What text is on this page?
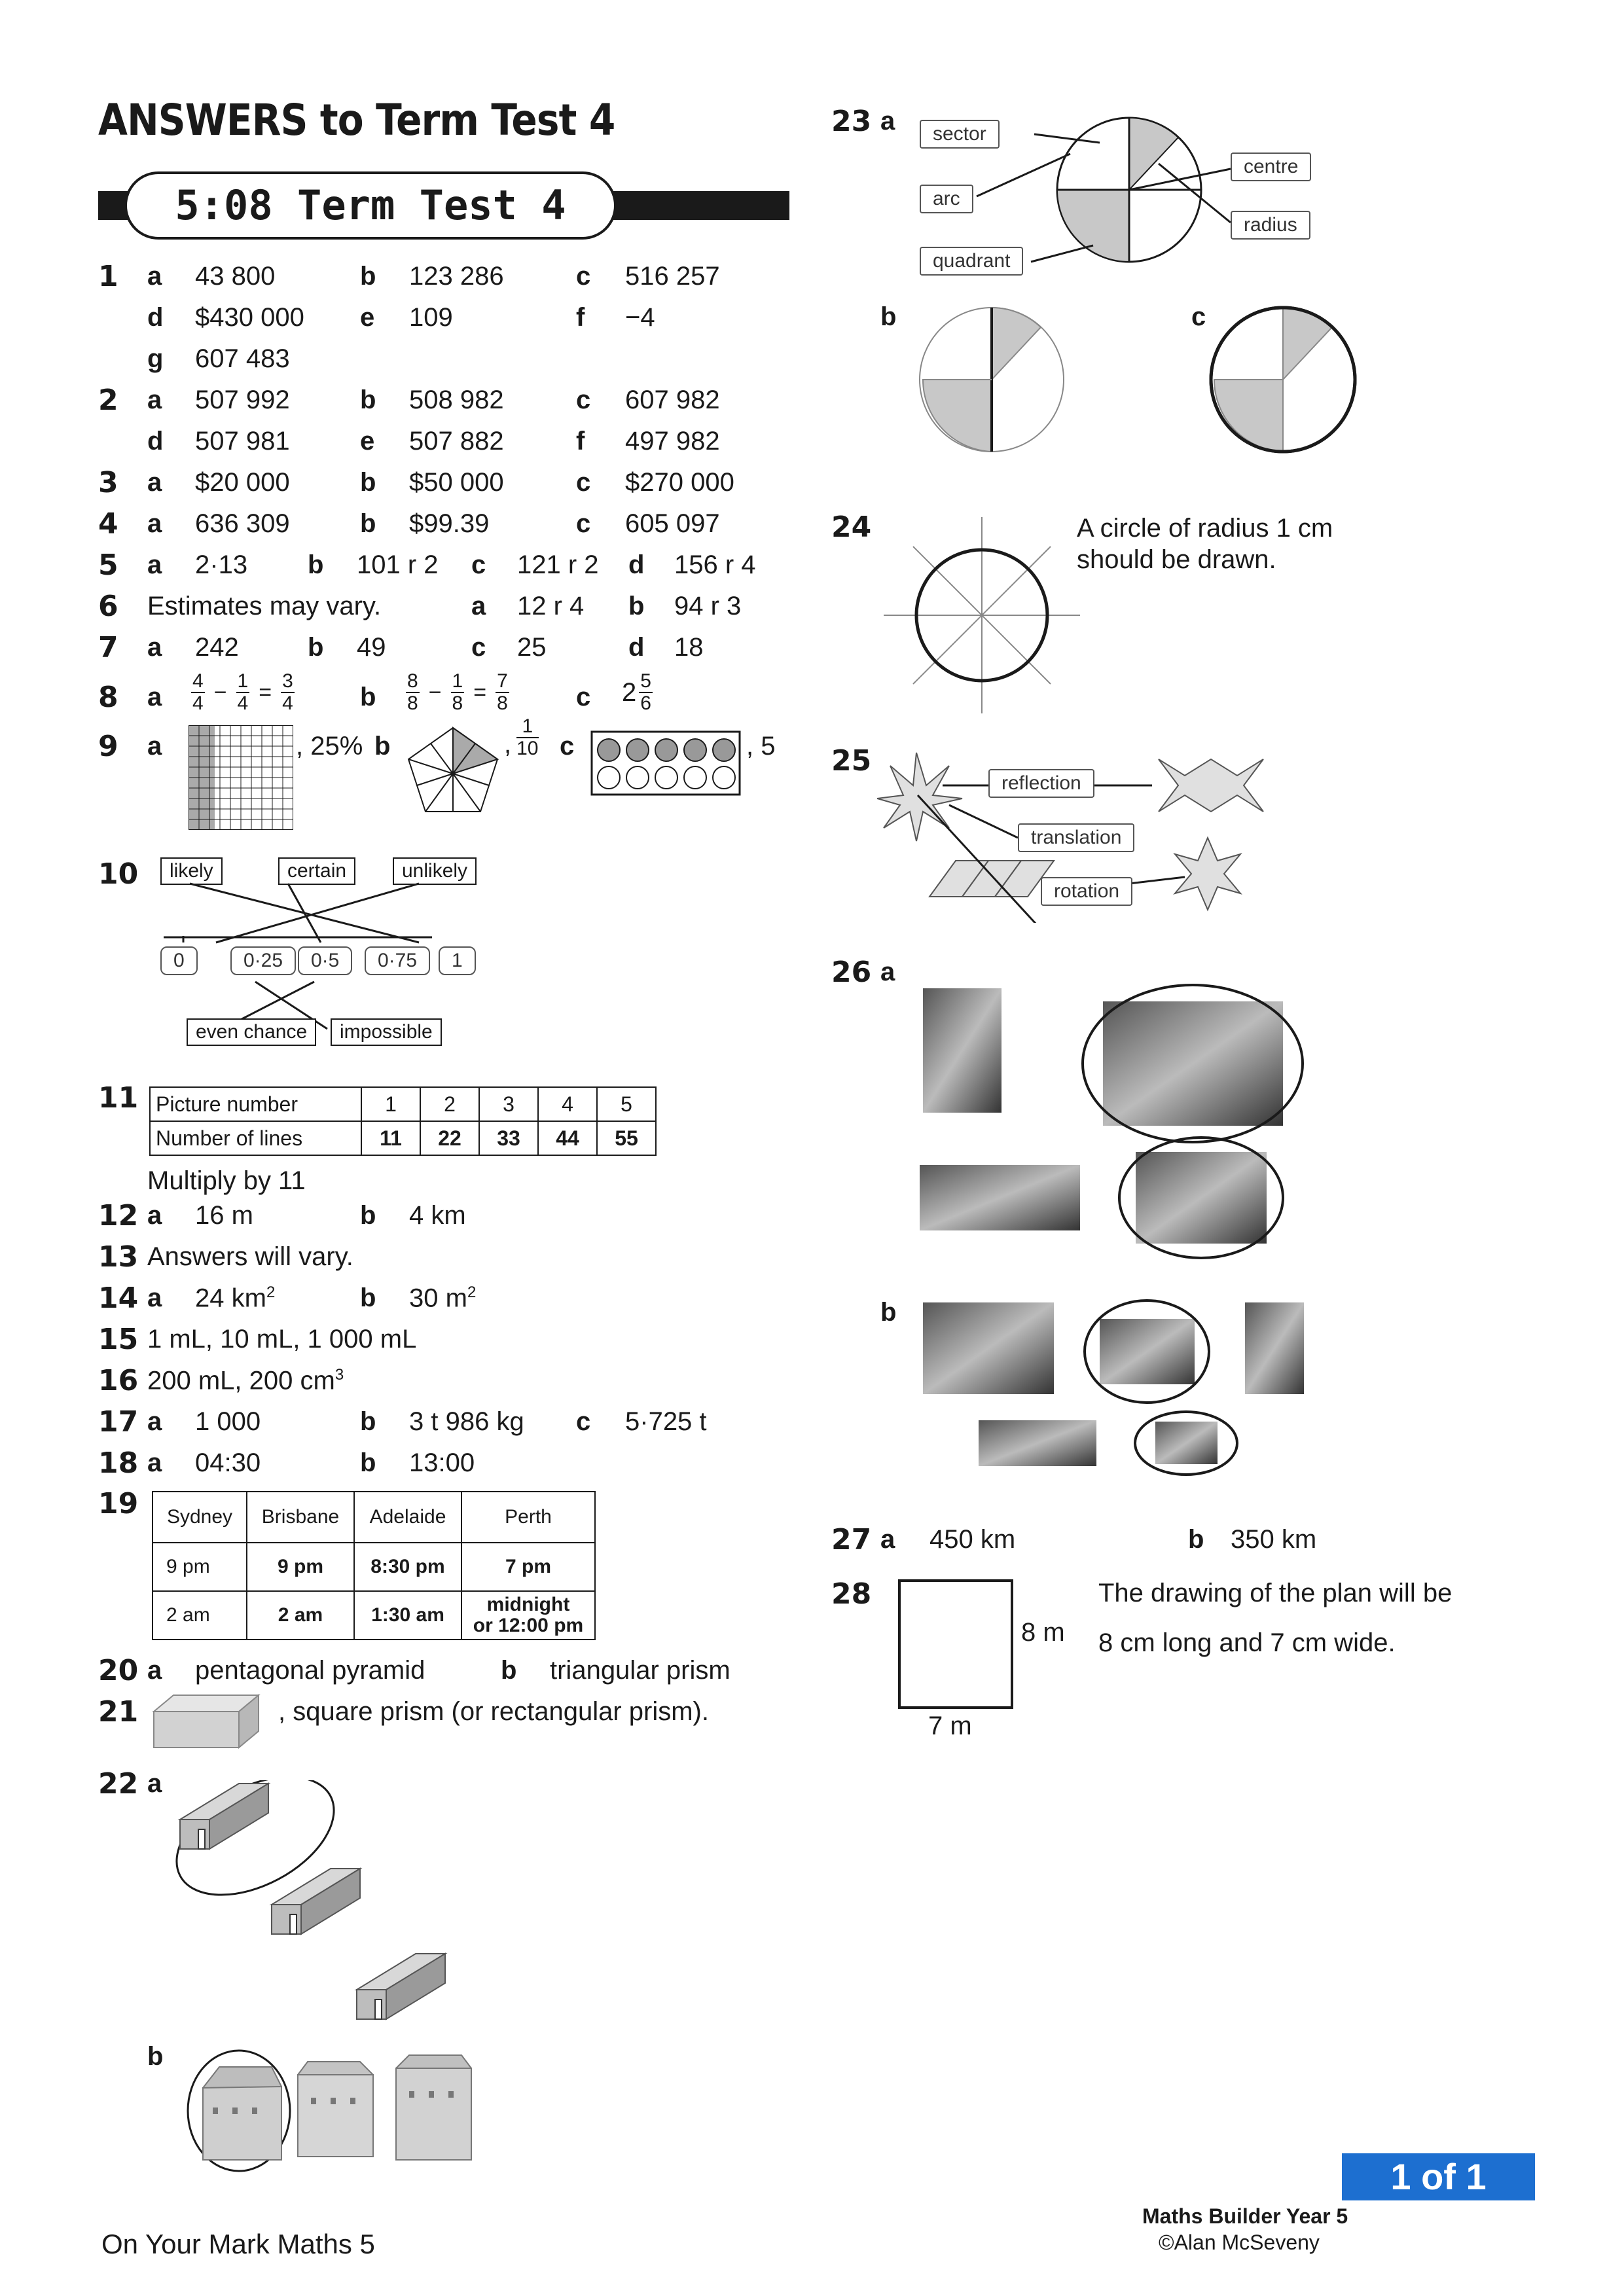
ANSWERS to Term Test 4
5:08 Term Test 4
1 a 43 800	b 123 286	c 516 257
d $430 000 e 109	f −4
g 607 483
2 a 507 992	b 508 982	c 607 982
d 507 981	e 507 882	f 497 982
3 a $20 000	b $50 000	c $270 000
4 a 636 309	b $99.39	c 605 097
5 a 2·13 b 101 r 2 c 121 r 2 d 156 r 4
6 Estimates may vary.	a 12 r 4 b 94 r 3
7 a 242	b 49	c 25	d 18
8 a $\frac{4}{4} - \frac{1}{4} = \frac{3}{4}$	b $\frac{8}{8} - \frac{1}{8} = \frac{7}{8}$	c $2 \frac{5}{6}$
9 a	, 25% b	, $\frac{1}{10}$ c	, 5
10	likely	certain	unlikely
0	0·25	0·5	0·75	1
even chance	impossible
11 Picture number	1	2	3	4	5
Number of lines	11	22	33	44	55
Multiply by 11
12 a 16 m	b 4 km
13 Answers will vary.
14 a 24 $km^2$	b 30 $m^2$
15 1 mL, 10 mL, 1 000 mL
16 200 mL, 200 $cm^3$
17 a 1 000	b 3 t 986 kg c 5·725 t
18 a 04:30	b 13:00
19 Sydney	Brisbane	Adelaide	Perth
9 pm	9 pm	8:30 pm	7 pm
2 am	2 am	1:30 am	midnight
or 12:00 pm
20 a pentagonal pyramid	b triangular prism
21	, square prism (or rectangular prism).
22 a
b
23 a	sector
arc
quadrant
centre
radius
b	c
24	A circle of radius 1 cm
should be drawn.
25
reflection
translation
rotation
26 a
b
27 a 450 km	b 350 km
28
8 m
7 m
The drawing of the plan will be
8 cm long and 7 cm wide.
1 of 1
Maths Builder Year 5
©Alan McSeveny
On Your Mark Maths 5
